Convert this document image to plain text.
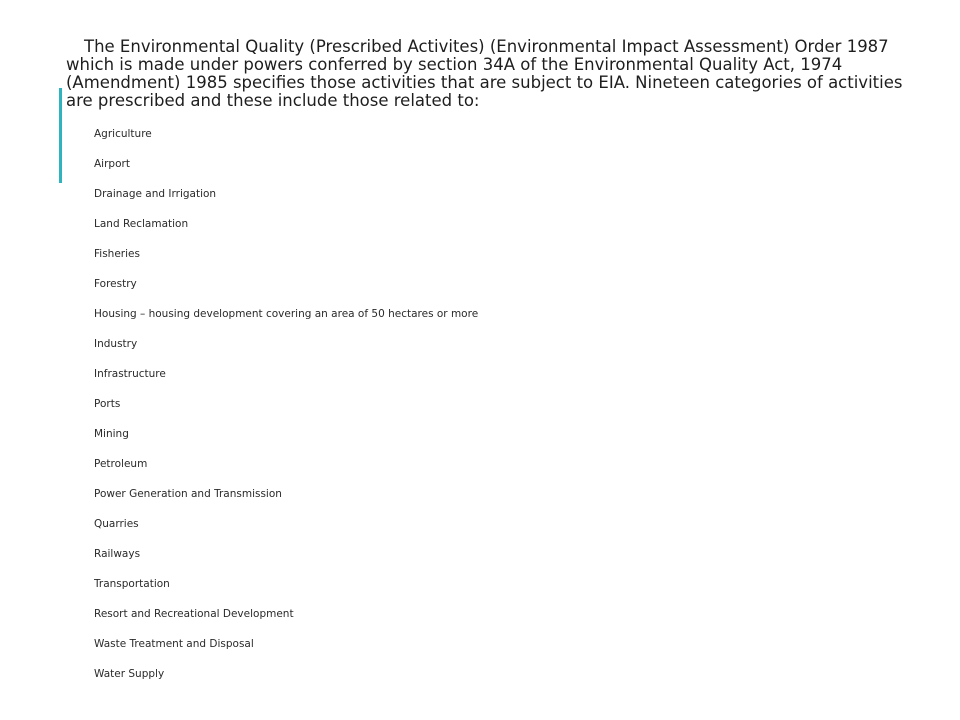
The Environmental Quality (Prescribed Activites) (Environmental Impact Assessment) Order 1987 which is made under powers conferred by section 34A of the Environmental Quality Act, 1974 (Amendment) 1985 specifies those activities that are subject to EIA. Nineteen categories of activities are prescribed and these include those related to:

Agriculture
Airport
Drainage and Irrigation
Land Reclamation
Fisheries
Forestry
Housing – housing development covering an area of 50 hectares or more
Industry
Infrastructure
Ports
Mining
Petroleum
Power Generation and Transmission
Quarries
Railways
Transportation
Resort and Recreational Development
Waste Treatment and Disposal
Water Supply
